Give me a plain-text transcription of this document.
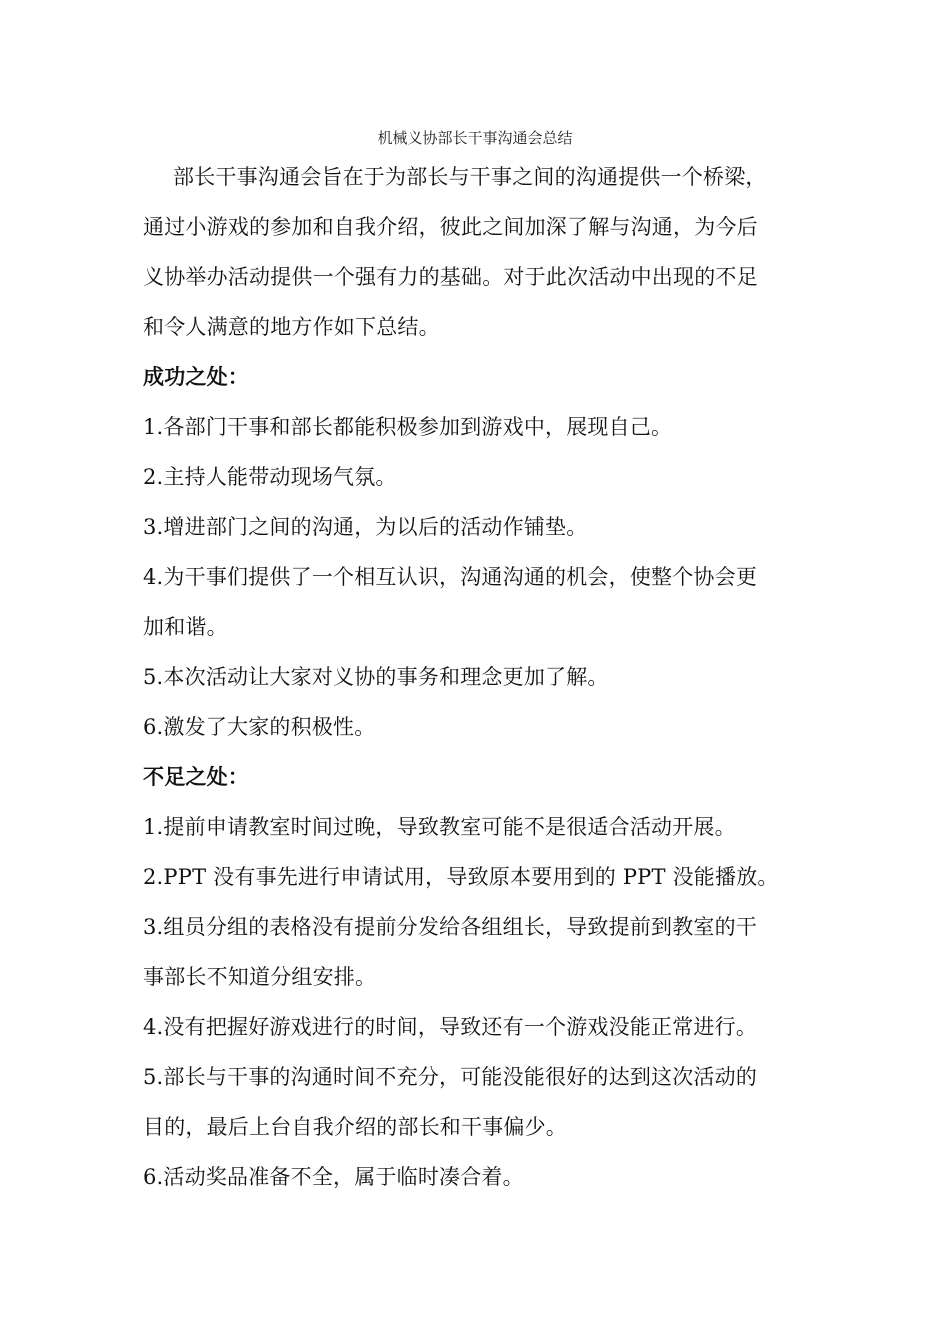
机械义协部长干事沟通会总结
部长干事沟通会旨在于为部长与干事之间的沟通提供一个桥梁，
通过小游戏的参加和自我介绍，彼此之间加深了解与沟通，为今后
义协举办活动提供一个强有力的基础。对于此次活动中出现的不足
和令人满意的地方作如下总结。
成功之处：
1.各部门干事和部长都能积极参加到游戏中，展现自己。
2.主持人能带动现场气氛。
3.增进部门之间的沟通，为以后的活动作铺垫。
4.为干事们提供了一个相互认识，沟通沟通的机会，使整个协会更
加和谐。
5.本次活动让大家对义协的事务和理念更加了解。
6.激发了大家的积极性。
不足之处：
1.提前申请教室时间过晚，导致教室可能不是很适合活动开展。
2.PPT 没有事先进行申请试用，导致原本要用到的 PPT 没能播放。
3.组员分组的表格没有提前分发给各组组长，导致提前到教室的干
事部长不知道分组安排。
4.没有把握好游戏进行的时间，导致还有一个游戏没能正常进行。
5.部长与干事的沟通时间不充分，可能没能很好的达到这次活动的
目的，最后上台自我介绍的部长和干事偏少。
6.活动奖品准备不全，属于临时凑合着。
